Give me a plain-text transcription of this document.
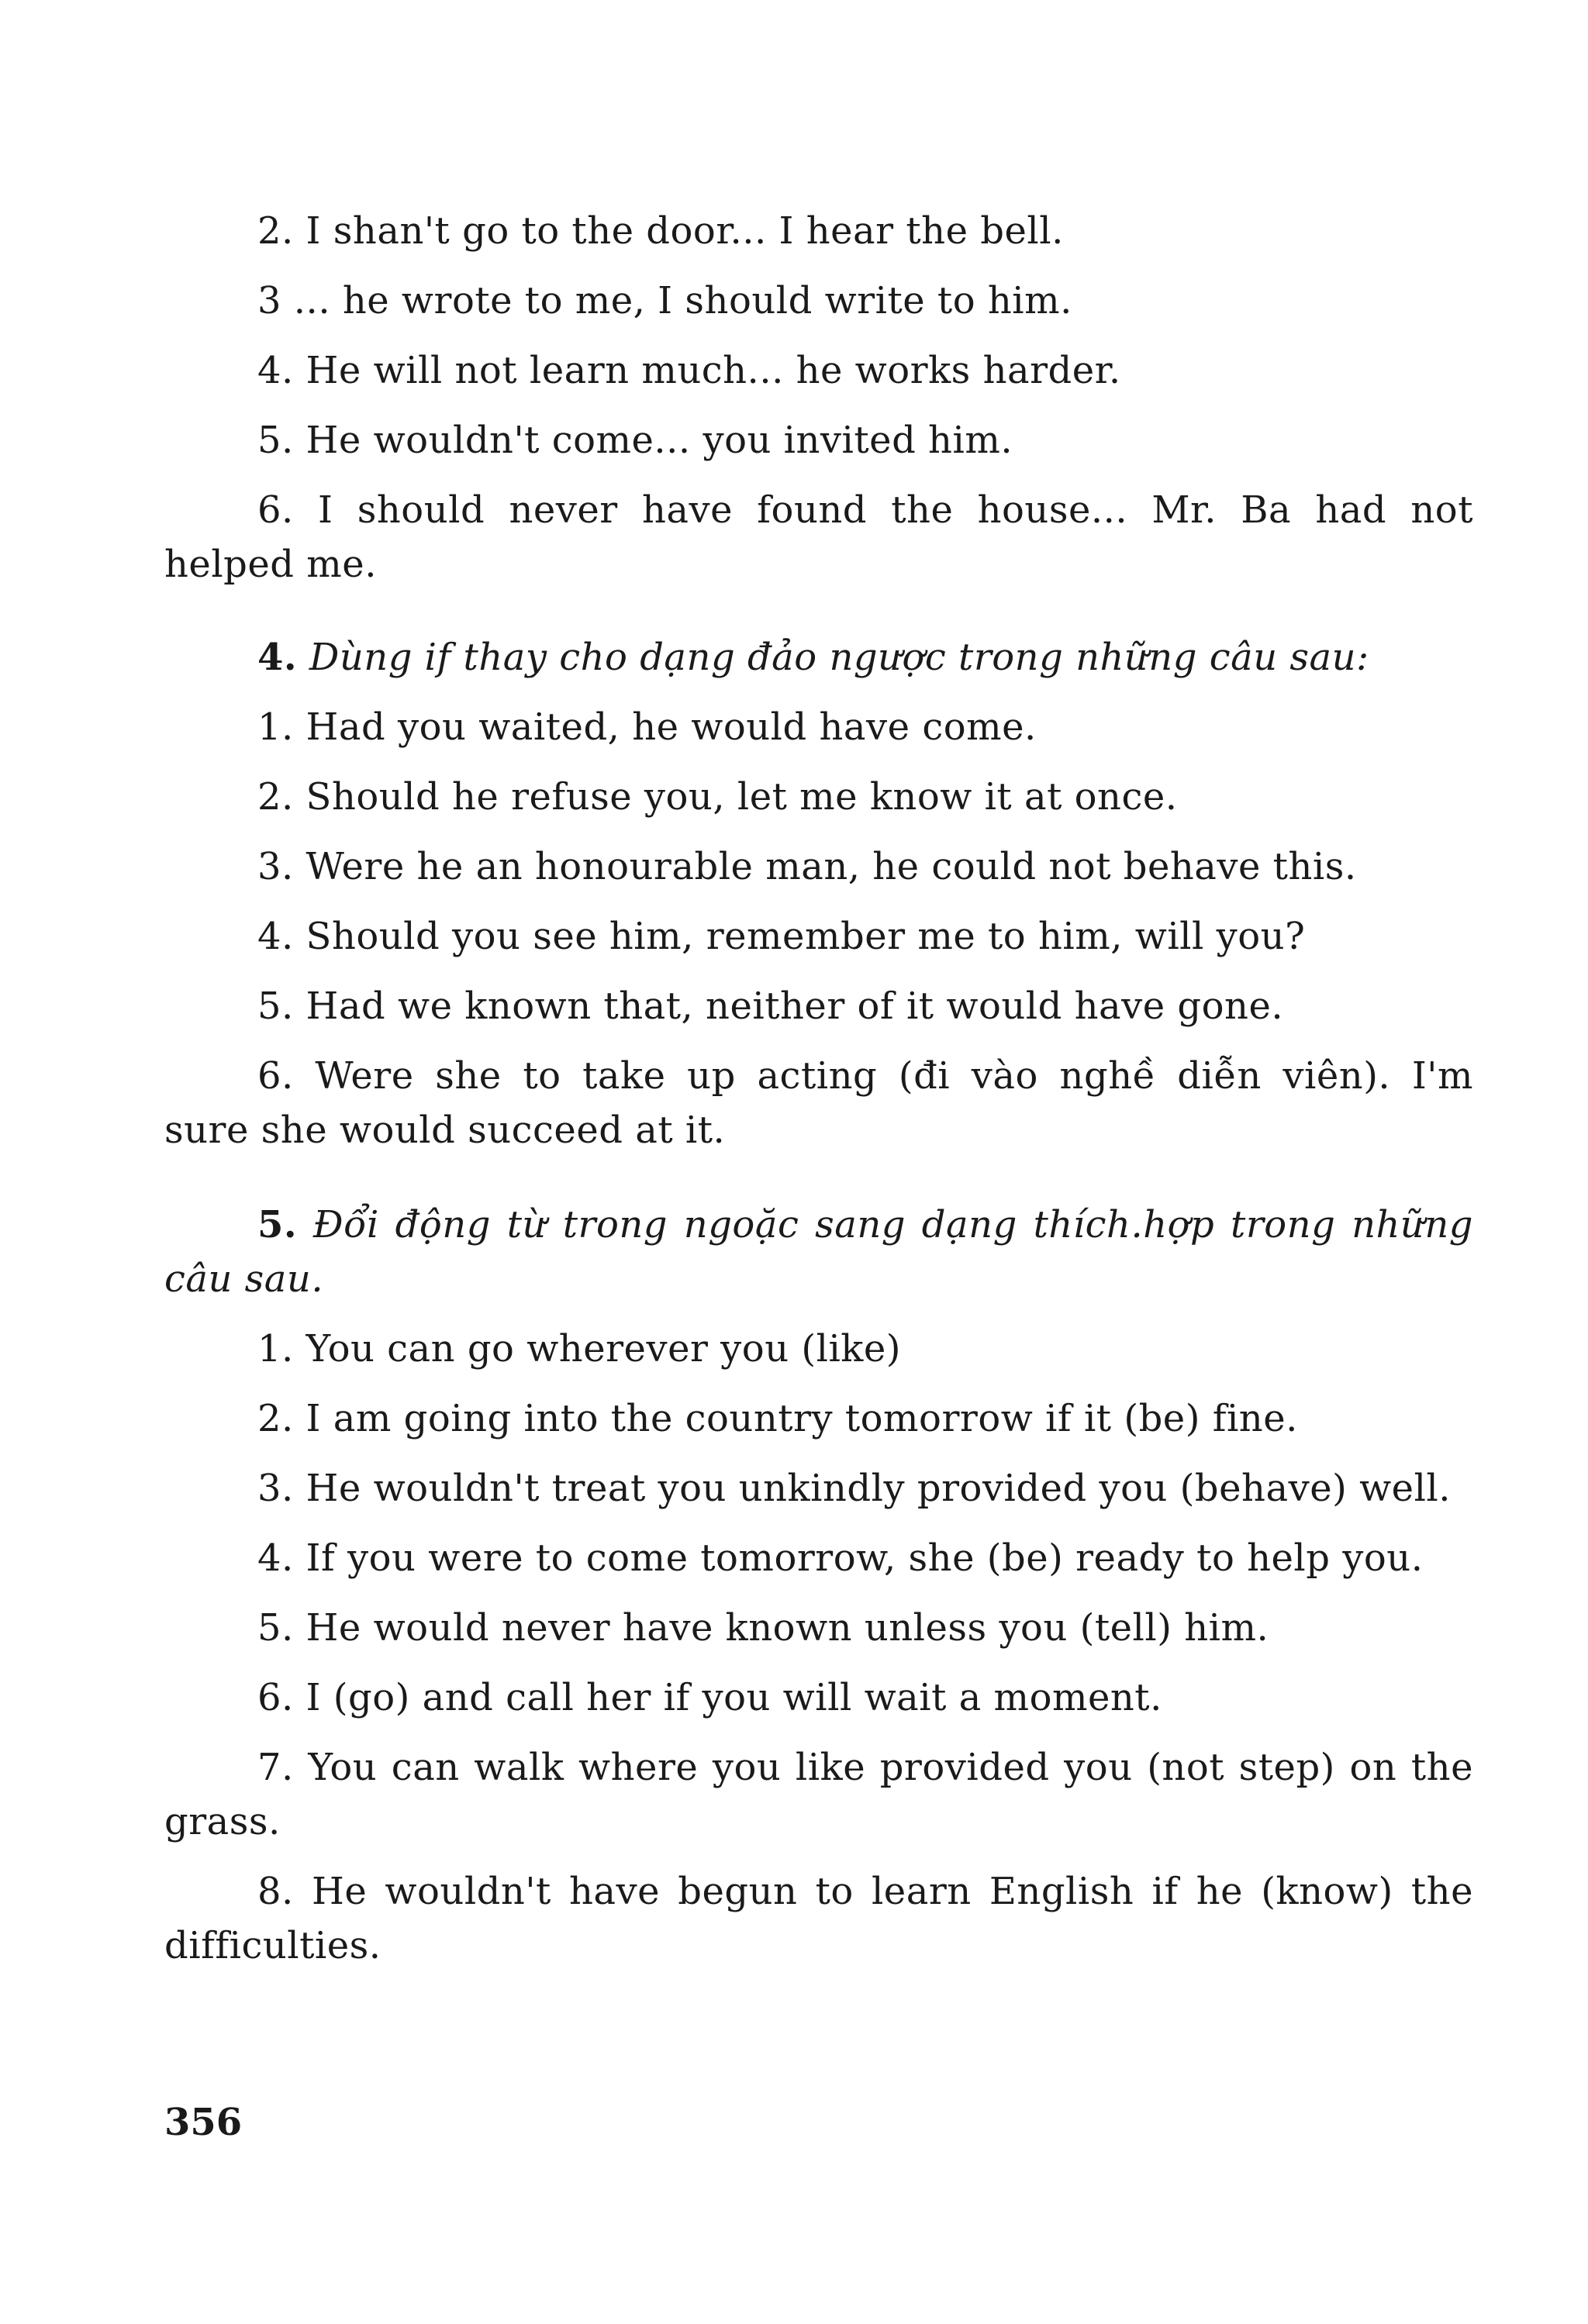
2. I shan't go to the door... I hear the bell.
3 ... he wrote to me, I should write to him.
4. He will not learn much... he works harder.
5. He wouldn't come... you invited him.
6. I should never have found the house... Mr. Ba had not
helped me.
4. Dùng if thay cho dạng đảo ngược trong những câu sau:
1. Had you waited, he would have come.
2. Should he refuse you, let me know it at once.
3. Were he an honourable man, he could not behave this.
4. Should you see him, remember me to him, will you?
5. Had we known that, neither of it would have gone.
6. Were she to take up acting (đi vào nghề diễn viên). I'm
sure she would succeed at it.
5. Đổi động từ trong ngoặc sang dạng thích.hợp trong những
câu sau.
1. You can go wherever you (like)
2. I am going into the country tomorrow if it (be) fine.
3. He wouldn't treat you unkindly provided you (behave) well.
4. If you were to come tomorrow, she (be) ready to help you.
5. He would never have known unless you (tell) him.
6. I (go) and call her if you will wait a moment.
7. You can walk where you like provided you (not step) on the
grass.
8. He wouldn't have begun to learn English if he (know) the
difficulties.
356
